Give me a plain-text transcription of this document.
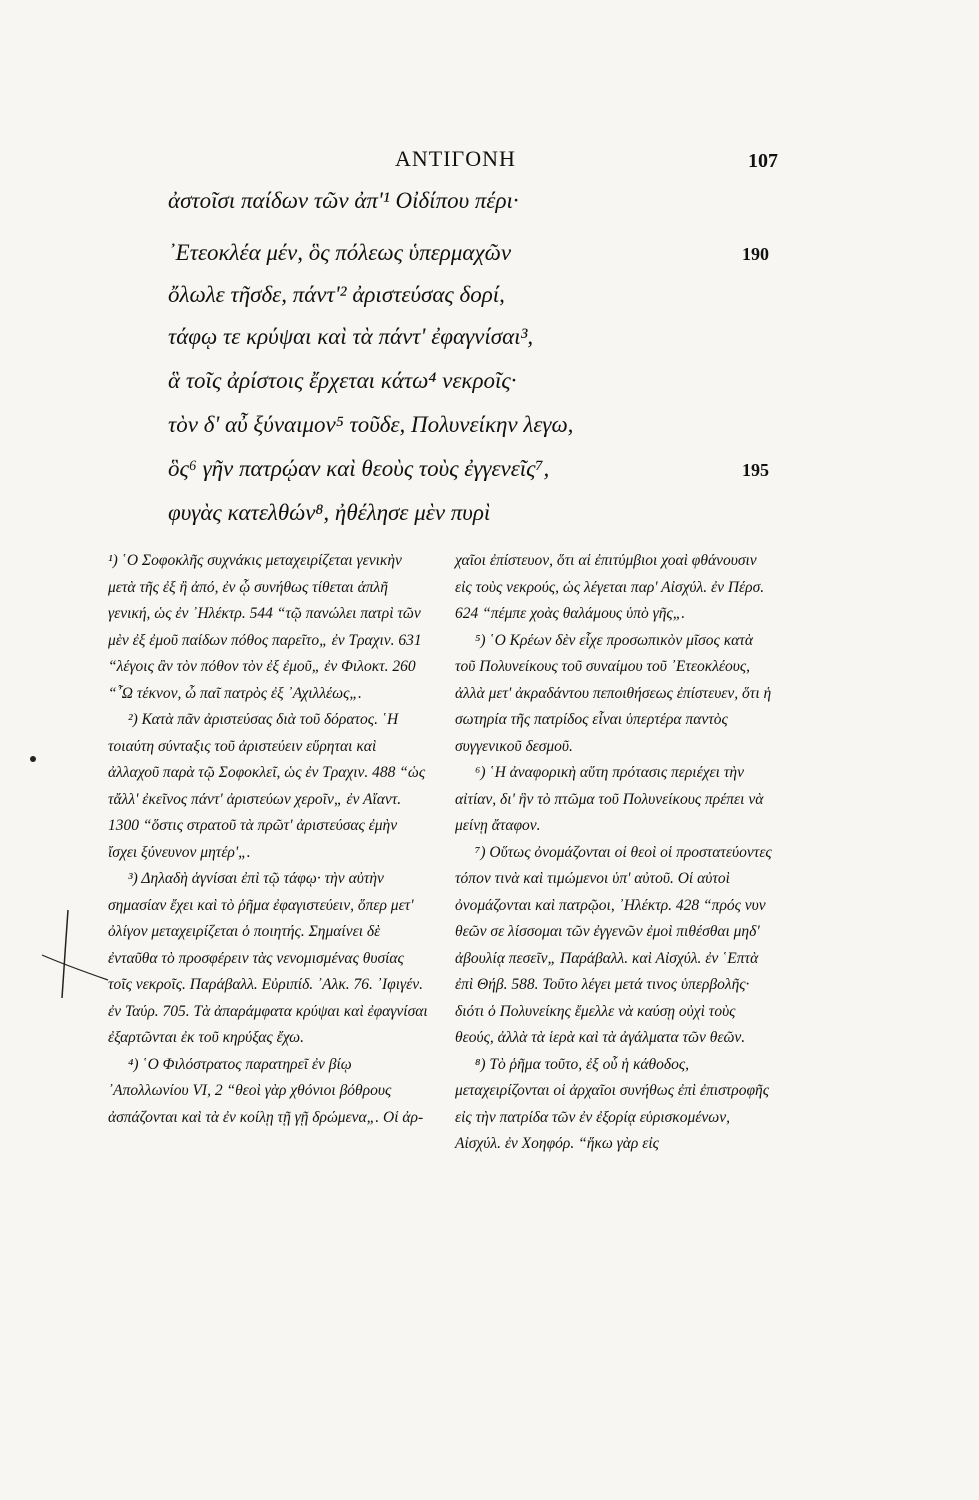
ΑΝΤΙΓΟΝΗ	107
ἀστοῖσι παίδων τῶν ἀπ'¹ Οἰδίπου πέρι·
᾿Ετεοκλέα μέν, ὃς πόλεως ὑπερμαχῶν	190
ὄλωλε τῆσδε, πάντ'² ἀριστεύσας δορί,
τάφῳ τε κρύψαι καὶ τὰ πάντ' ἐφαγνίσαι³,
ἃ τοῖς ἀρίστοις ἔρχεται κάτω⁴ νεκροῖς·
τὸν δ' αὖ ξύναιμον⁵ τοῦδε, Πολυνείκην λεγω,
ὃς⁶ γῆν πατρῴαν καὶ θεοὺς τοὺς ἐγγενεῖς⁷,	195
φυγὰς κατελθών⁸, ἠθέλησε μὲν πυρὶ

¹) ῾Ο Σοφοκλῆς συχνάκις μεταχειρίζεται γενικὴν μετὰ τῆς ἐξ ἢ ἀπό, ἐν ᾧ συνήθως τίθεται ἁπλῆ γενική, ὡς ἐν ᾿Ηλέκτρ. 544 “τῷ πανώλει πατρὶ τῶν μὲν ἐξ ἐμοῦ παίδων πόθος παρεῖτο„ ἐν Τραχιν. 631 “λέγοις ἂν τὸν πόθον τὸν ἐξ ἐμοῦ„ ἐν Φιλοκτ. 260 “῏Ω τέκνον, ὦ παῖ πατρὸς ἐξ ᾿Αχιλλέως„.

²) Κατὰ πᾶν ἀριστεύσας διὰ τοῦ δόρατος. ῾Η τοιαύτη σύνταξις τοῦ ἀριστεύειν εὕρηται καὶ ἀλλαχοῦ παρὰ τῷ Σοφοκλεῖ, ὡς ἐν Τραχιν. 488 “ὡς τἄλλ' ἐκεῖνος πάντ' ἀριστεύων χεροῖν„ ἐν Αἴαντ. 1300 “ὅστις στρατοῦ τὰ πρῶτ' ἀριστεύσας ἐμὴν ἴσχει ξύνευνον μητέρ'„.

³) Δηλαδὴ ἁγνίσαι ἐπὶ τῷ τάφῳ· τὴν αὐτὴν σημασίαν ἔχει καὶ τὸ ῥῆμα ἐφαγιστεύειν, ὅπερ μετ' ὀλίγον μεταχειρίζεται ὁ ποιητής. Σημαίνει δὲ ἐνταῦθα τὸ προσφέρειν τὰς νενομισμένας θυσίας τοῖς νεκροῖς. Παράβαλλ. Εὐριπίδ. ᾿Αλκ. 76. ᾿Ιφιγέν. ἐν Ταύρ. 705. Τὰ ἀπαράμφατα κρύψαι καὶ ἐφαγνίσαι ἐξαρτῶνται ἐκ τοῦ κηρύξας ἔχω.

⁴) ῾Ο Φιλόστρατος παρατηρεῖ ἐν βίῳ ᾿Απολλωνίου VI, 2 “θεοὶ γὰρ χθόνιοι βόθρους ἀσπάζονται καὶ τὰ ἐν κοίλῃ τῇ γῇ δρώμενα„. Οἱ ἀρ-

χαῖοι ἐπίστευον, ὅτι αἱ ἐπιτύμβιοι χοαὶ φθάνουσιν εἰς τοὺς νεκρούς, ὡς λέγεται παρ' Αἰσχύλ. ἐν Πέρσ. 624 “πέμπε χοὰς θαλάμους ὑπὸ γῆς„.

⁵) ῾Ο Κρέων δὲν εἶχε προσωπικὸν μῖσος κατὰ τοῦ Πολυνείκους τοῦ συναίμου τοῦ ᾿Ετεοκλέους, ἀλλὰ μετ' ἀκραδάντου πεποιθήσεως ἐπίστευεν, ὅτι ἡ σωτηρία τῆς πατρίδος εἶναι ὑπερτέρα παντὸς συγγενικοῦ δεσμοῦ.

⁶) ῾Η ἀναφορικὴ αὕτη πρότασις περιέχει τὴν αἰτίαν, δι' ἣν τὸ πτῶμα τοῦ Πολυνείκους πρέπει νὰ μείνῃ ἄταφον.

⁷) Οὕτως ὀνομάζονται οἱ θεοὶ οἱ προστατεύοντες τόπον τινὰ καὶ τιμώμενοι ὑπ' αὐτοῦ. Οἱ αὐτοὶ ὀνομάζονται καὶ πατρῷοι, ᾿Ηλέκτρ. 428 “πρός νυν θεῶν σε λίσσομαι τῶν ἐγγενῶν ἐμοὶ πιθέσθαι μηδ' ἀβουλίᾳ πεσεῖν„ Παράβαλλ. καὶ Αἰσχύλ. ἐν ῾Επτὰ ἐπὶ Θήβ. 588. Τοῦτο λέγει μετά τινος ὑπερβολῆς· διότι ὁ Πολυνείκης ἔμελλε νὰ καύσῃ οὐχὶ τοὺς θεούς, ἀλλὰ τὰ ἱερὰ καὶ τὰ ἀγάλματα τῶν θεῶν.

⁸) Τὸ ῥῆμα τοῦτο, ἐξ οὗ ἡ κάθοδος, μεταχειρίζονται οἱ ἀρχαῖοι συνήθως ἐπὶ ἐπιστροφῆς εἰς τὴν πατρίδα τῶν ἐν ἐξορίᾳ εὑρισκομένων, Αἰσχύλ. ἐν Χοηφόρ. “ἥκω γὰρ εἰς
